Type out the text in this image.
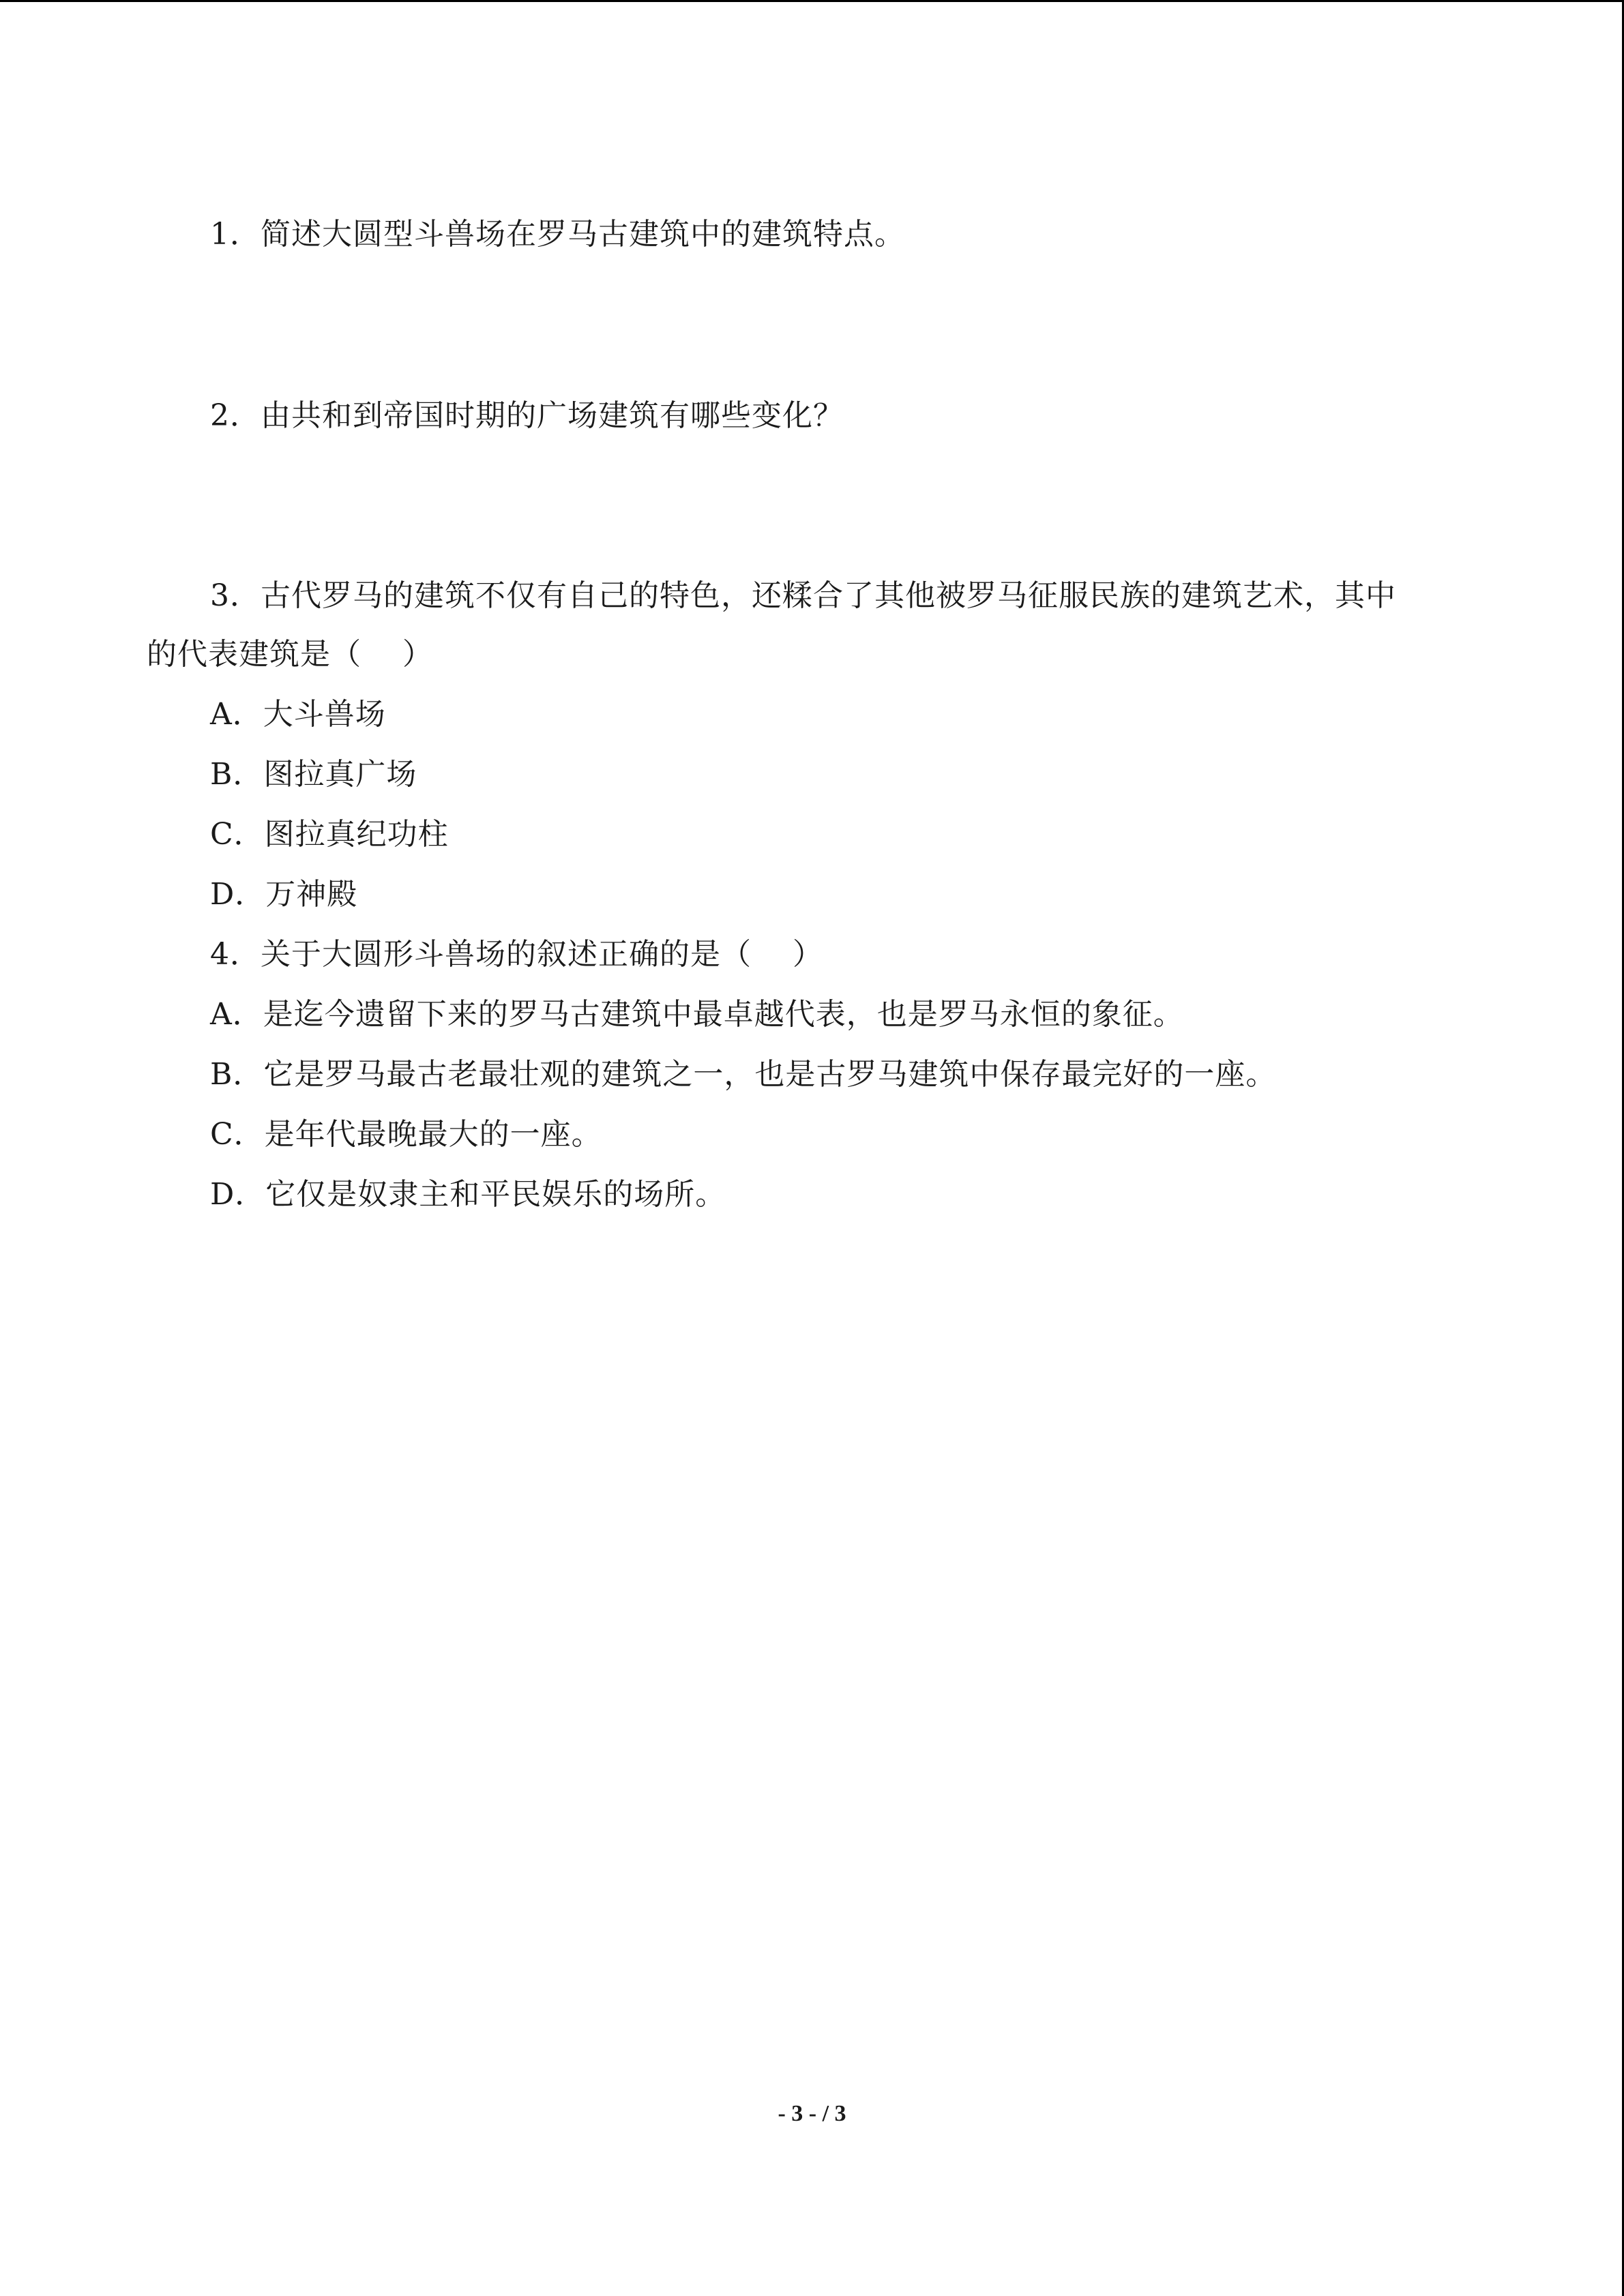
1．简述大圆型斗兽场在罗马古建筑中的建筑特点。
2．由共和到帝国时期的广场建筑有哪些变化？
3．古代罗马的建筑不仅有自己的特色，还糅合了其他被罗马征服民族的建筑艺术，其中
的代表建筑是（　 ）
A．大斗兽场
B．图拉真广场
C．图拉真纪功柱
D．万神殿
4．关于大圆形斗兽场的叙述正确的是（　 ）
A．是迄今遗留下来的罗马古建筑中最卓越代表，也是罗马永恒的象征。
B．它是罗马最古老最壮观的建筑之一，也是古罗马建筑中保存最完好的一座。
C．是年代最晚最大的一座。
D．它仅是奴隶主和平民娱乐的场所。
- 3 - / 3
